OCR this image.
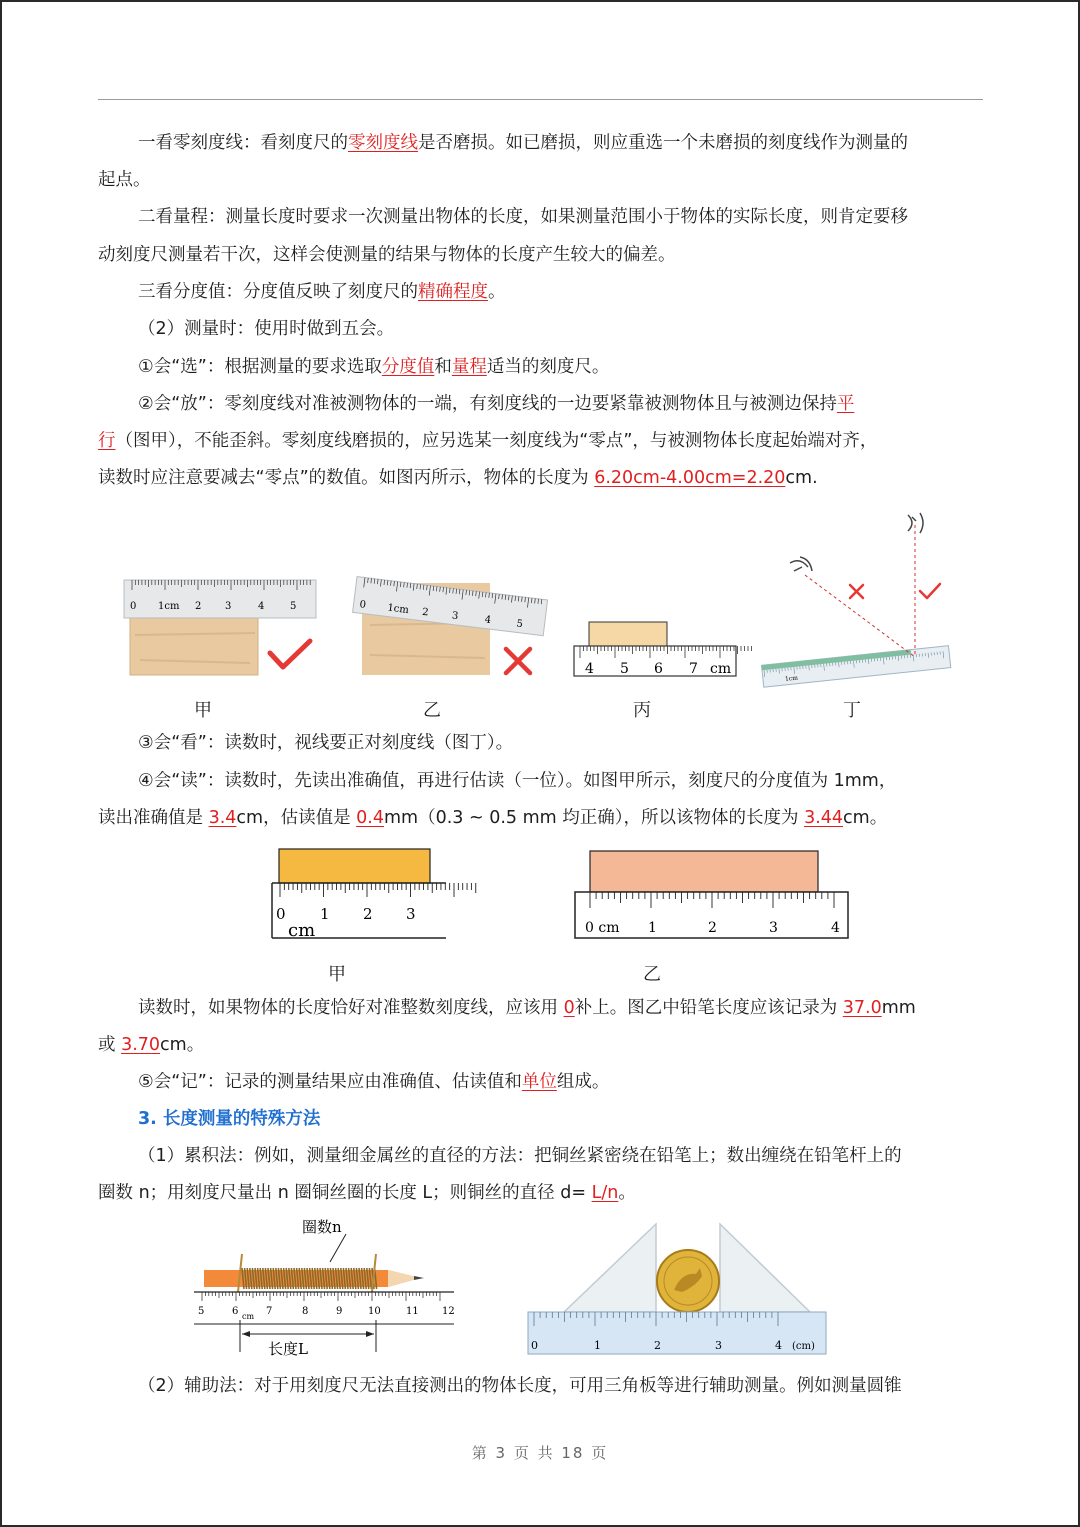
一看零刻度线：看刻度尺的零刻度线是否磨损。如已磨损，则应重选一个未磨损的刻度线作为测量的
起点。
二看量程：测量长度时要求一次测量出物体的长度，如果测量范围小于物体的实际长度，则肯定要移
动刻度尺测量若干次，这样会使测量的结果与物体的长度产生较大的偏差。
三看分度值：分度值反映了刻度尺的精确程度。
（2）测量时：使用时做到五会。
①会“选”：根据测量的要求选取分度值和量程适当的刻度尺。
②会“放”：零刻度线对准被测物体的一端，有刻度线的一边要紧靠被测物体且与被测边保持平
行（图甲），不能歪斜。零刻度线磨损的，应另选某一刻度线为“零点”，与被测物体长度起始端对齐，
读数时应注意要减去“零点”的数值。如图丙所示，物体的长度为 6.20cm-4.00cm=2.20cm.
0 1cm 2 3	4	5	0 1cm 2 3	4 5
4 5 6 7 cm
1cm
甲	乙	丙	丁
③会“看”：读数时，视线要正对刻度线（图丁）。
④会“读”：读数时，先读出准确值，再进行估读（一位）。如图甲所示，刻度尺的分度值为 1mm，
读出准确值是 3.4cm，估读值是 0.4mm（0.3 ~ 0.5 mm 均正确），所以该物体的长度为 3.44cm。
0 1 2 3
cm	0 cm 1	2	3	4
甲	乙
读数时，如果物体的长度恰好对准整数刻度线，应该用 0补上。图乙中铅笔长度应该记录为 37.0mm
或 3.70cm。
⑤会“记”：记录的测量结果应由准确值、估读值和单位组成。
3. 长度测量的特殊方法
（1）累积法：例如，测量细金属丝的直径的方法：把铜丝紧密绕在铅笔上；数出缠绕在铅笔杆上的
圈数 n；用刻度尺量出 n 圈铜丝圈的长度 L；则铜丝的直径 d= L/n。
圈数n
5	6	7	8	9	10	11 12
cm
长度L	0	1	2	3	4 (cm)
（2）辅助法：对于用刻度尺无法直接测出的物体长度，可用三角板等进行辅助测量。例如测量圆锥
第 3 页 共 18 页
